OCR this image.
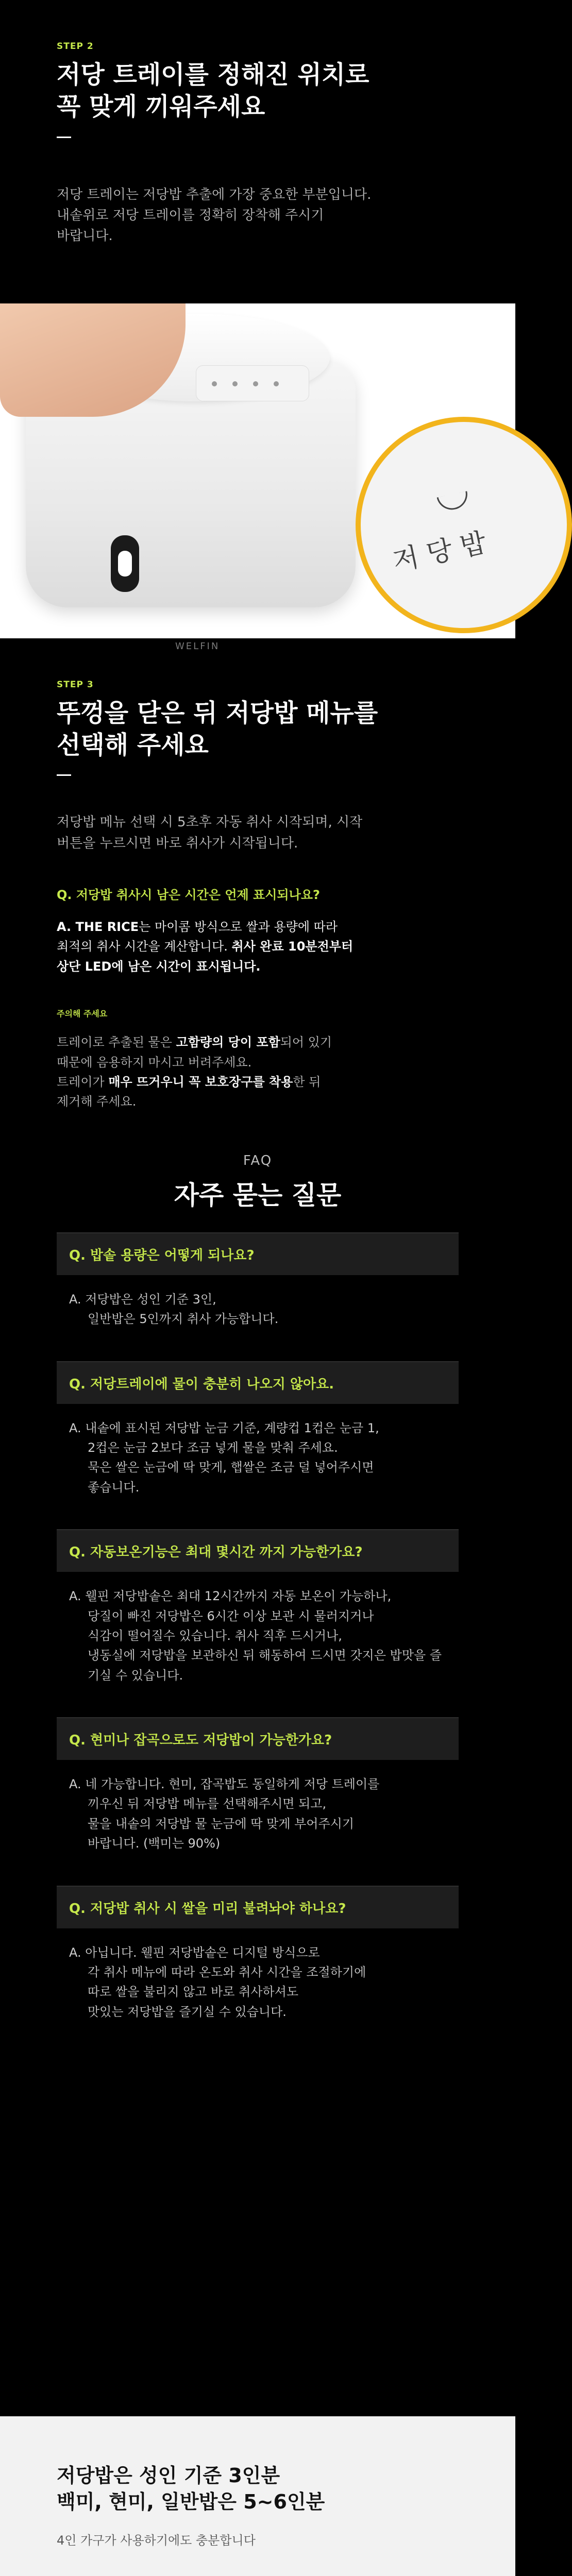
STEP 2
저당 트레이를 정해진 위치로
꼭 맞게 끼워주세요
저당 트레이는 저당밥 추출에 가장 중요한 부분입니다.
내솥위로 저당 트레이를 정확히 장착해 주시기
바랍니다.
WELFIN
저 당 밥
STEP 3
뚜껑을 닫은 뒤 저당밥 메뉴를
선택해 주세요
저당밥 메뉴 선택 시 5초후 자동 취사 시작되며, 시작
버튼을 누르시면 바로 취사가 시작됩니다.
Q. 저당밥 취사시 남은 시간은 언제 표시되나요?
A. THE RICE는 마이콤 방식으로 쌀과 용량에 따라
최적의 취사 시간을 계산합니다. 취사 완료 10분전부터
상단 LED에 남은 시간이 표시됩니다.
주의해 주세요
트레이로 추출된 물은 고함량의 당이 포함되어 있기
때문에 음용하지 마시고 버려주세요.
트레이가 매우 뜨거우니 꼭 보호장구를 착용한 뒤
제거해 주세요.
FAQ
자주 묻는 질문
Q. 밥솥 용량은 어떻게 되나요?
A. 저당밥은 성인 기준 3인,
일반밥은 5인까지 취사 가능합니다.
Q. 저당트레이에 물이 충분히 나오지 않아요.
A. 내솥에 표시된 저당밥 눈금 기준, 계량컵 1컵은 눈금 1,
2컵은 눈금 2보다 조금 넣게 물을 맞춰 주세요.
묵은 쌀은 눈금에 딱 맞게, 햅쌀은 조금 덜 넣어주시면
좋습니다.
Q. 자동보온기능은 최대 몇시간 까지 가능한가요?
A. 웰핀 저당밥솥은 최대 12시간까지 자동 보온이 가능하나,
당질이 빠진 저당밥은 6시간 이상 보관 시 물러지거나
식감이 떨어질수 있습니다. 취사 직후 드시거나,
냉동실에 저당밥을 보관하신 뒤 해동하여 드시면 갓지은 밥맛을 즐기실 수 있습니다.
Q. 현미나 잡곡으로도 저당밥이 가능한가요?
A. 네 가능합니다. 현미, 잡곡밥도 동일하게 저당 트레이를
끼우신 뒤 저당밥 메뉴를 선택해주시면 되고,
물을 내솥의 저당밥 물 눈금에 딱 맞게 부어주시기
바랍니다. (백미는 90%)
Q. 저당밥 취사 시 쌀을 미리 불려놔야 하나요?
A. 아닙니다. 웰핀 저당밥솥은 디지털 방식으로
각 취사 메뉴에 따라 온도와 취사 시간을 조절하기에
따로 쌀을 불리지 않고 바로 취사하셔도
맛있는 저당밥을 즐기실 수 있습니다.
저당밥은 성인 기준 3인분
백미, 현미, 일반밥은 5~6인분
4인 가구가 사용하기에도 충분합니다
